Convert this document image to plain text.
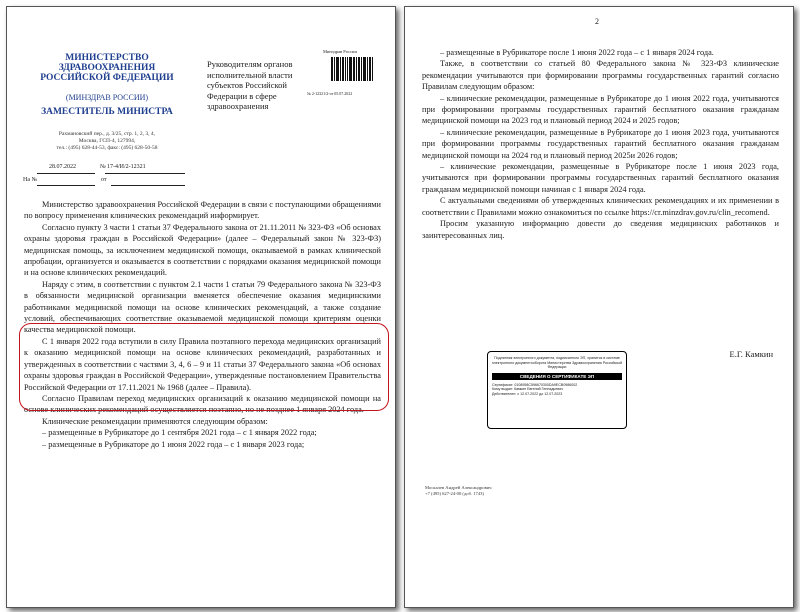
МИНИСТЕРСТВО
ЗДРАВООХРАНЕНИЯ
РОССИЙСКОЙ ФЕДЕРАЦИИ
(МИНЗДРАВ РОССИИ)
ЗАМЕСТИТЕЛЬ МИНИСТРА
Рахмановский пер., д. 3/25, стр. 1, 2, 3, 4,
Москва, ГСП-4, 127994,
тел.: (495) 628-44-53, факс: (495) 628-50-58
28.07.2022	№ 17-4/И/2-12321
На №	от
Минздрав России
№ 2-12321/2-от 05.07.2022
Руководителям органов исполнительной власти субъектов Российской Федерации в сфере здравоохранения

Министерство здравоохранения Российской Федерации в связи с поступающими обращениями по вопросу применения клинических рекомендаций информирует.

Согласно пункту 3 части 1 статьи 37 Федерального закона от 21.11.2011 № 323-ФЗ «Об основах охраны здоровья граждан в Российской Федерации» (далее – Федеральный закон № 323-ФЗ) медицинская помощь, за исключением медицинской помощи, оказываемой в рамках клинической апробации, организуется и оказывается в соответствии с порядками оказания медицинской помощи и на основе клинических рекомендаций.

Наряду с этим, в соответствии с пунктом 2.1 части 1 статьи 79 Федерального закона № 323-ФЗ в обязанности медицинской организации вменяется обеспечение оказания медицинскими работниками медицинской помощи на основе клинических рекомендаций, а также создание условий, обеспечивающих соответствие оказываемой медицинской помощи критериям оценки качества медицинской помощи.

С 1 января 2022 года вступили в силу Правила поэтапного перехода медицинских организаций к оказанию медицинской помощи на основе клинических рекомендаций, разработанных и утвержденных в соответствии с частями 3, 4, 6 – 9 и 11 статьи 37 Федерального закона «Об основах охраны здоровья граждан в Российской Федерации», утвержденные постановлением Правительства Российской Федерации от 17.11.2021 № 1968 (далее – Правила).

Согласно Правилам переход медицинских организаций к оказанию медицинской помощи на основе клинических рекомендаций осуществляется поэтапно, но не позднее 1 января 2024 года.

Клинические рекомендации применяются следующим образом:

– размещенные в Рубрикаторе до 1 сентября 2021 года – с 1 января 2022 года;

– размещенные в Рубрикаторе до 1 июня 2022 года – с 1 января 2023 года;

2

– размещенные в Рубрикаторе после 1 июня 2022 года – с 1 января 2024 года.

Также, в соответствии со статьей 80 Федерального закона № 323-ФЗ клинические рекомендации учитываются при формировании программы государственных гарантий согласно Правилам следующим образом:

– клинические рекомендации, размещенные в Рубрикаторе до 1 июня 2022 года, учитываются при формировании программы государственных гарантий бесплатного оказания гражданам медицинской помощи на 2023 год и плановый период 2024 и 2025 годов;

– клинические рекомендации, размещенные в Рубрикаторе до 1 июня 2023 года, учитываются при формировании программы государственных гарантий бесплатного оказания гражданам медицинской помощи на 2024 год и плановый период 2025и 2026 годов;

– клинические рекомендации, размещенные в Рубрикаторе после 1 июня 2023 года, учитываются при формировании программы государственных гарантий бесплатного оказания гражданам медицинской помощи начиная с 1 января 2024 года.

С актуальными сведениями об утвержденных клинических рекомендациях и их применении в соответствии с Правилами можно ознакомиться по ссылке https://cr.minzdrav.gov.ru/clin_recomend.

Просим указанную информацию довести до сведения медицинских работников и заинтересованных лиц.

Е.Г. Камкин
Подлинник электронного документа, подписанного ЭП, хранится в системе электронного документооборота Министерства Здравоохранения Российской Федерации
СВЕДЕНИЯ О СЕРТИФИКАТЕ ЭП
Сертификат: 0108958C596670300DA9ECB0986002
Кому выдан: Камкин Евгений Геннадьевич
Действителен: с 12.07.2022 до 12.07.2023
Москалев Андрей Александрович
+7 (495) 627-24-00 (доб. 1743)
